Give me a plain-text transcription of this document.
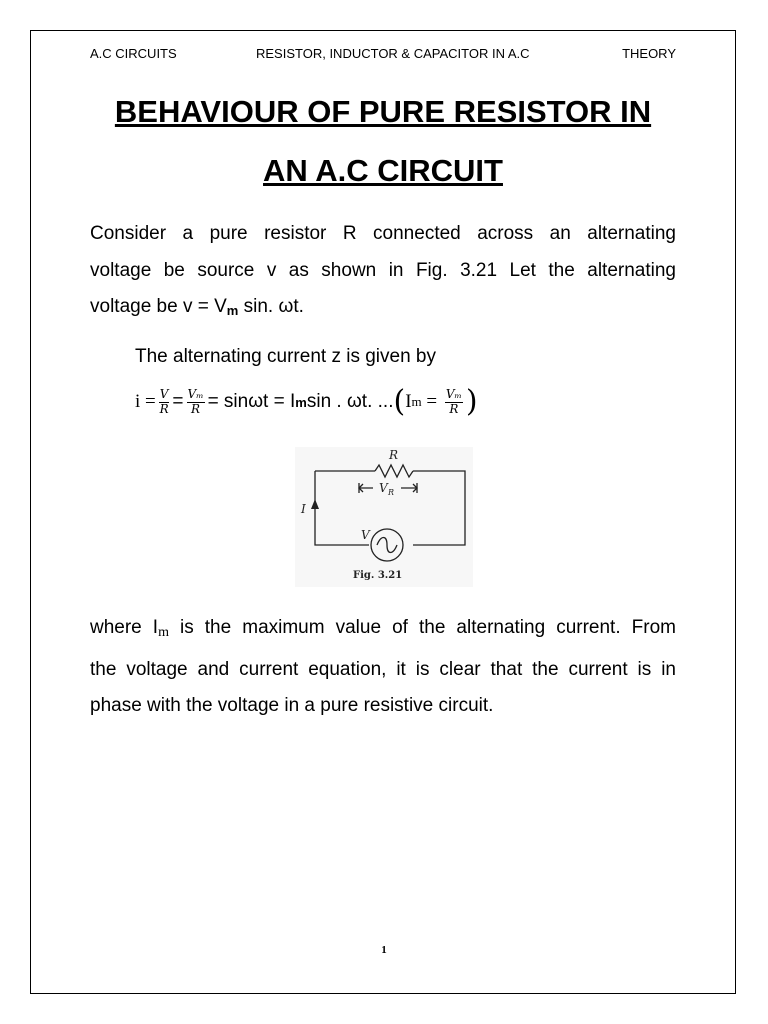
A.C CIRCUITS	RESISTOR, INDUCTOR & CAPACITOR IN A.C	THEORY
BEHAVIOUR OF PURE RESISTOR IN
AN A.C CIRCUIT
Consider a pure resistor R connected across an alternating
voltage be source v as shown in Fig. 3.21 Let the alternating
voltage be $v = V_m$ sin. ωt.
The alternating current z is given by
$i = \frac{V}{R} = \frac{\text{Vₘ}}{R} = \sin\omega t = I$ m sin . ωt. ... ( I $m = \frac{\text{Vₘ}}{R}$ )
R
V R
I
V
Fig. 3.21
where $I_m$ is the maximum value of the alternating current. From
the voltage and current equation, it is clear that the current is in
phase with the voltage in a pure resistive circuit.
1
